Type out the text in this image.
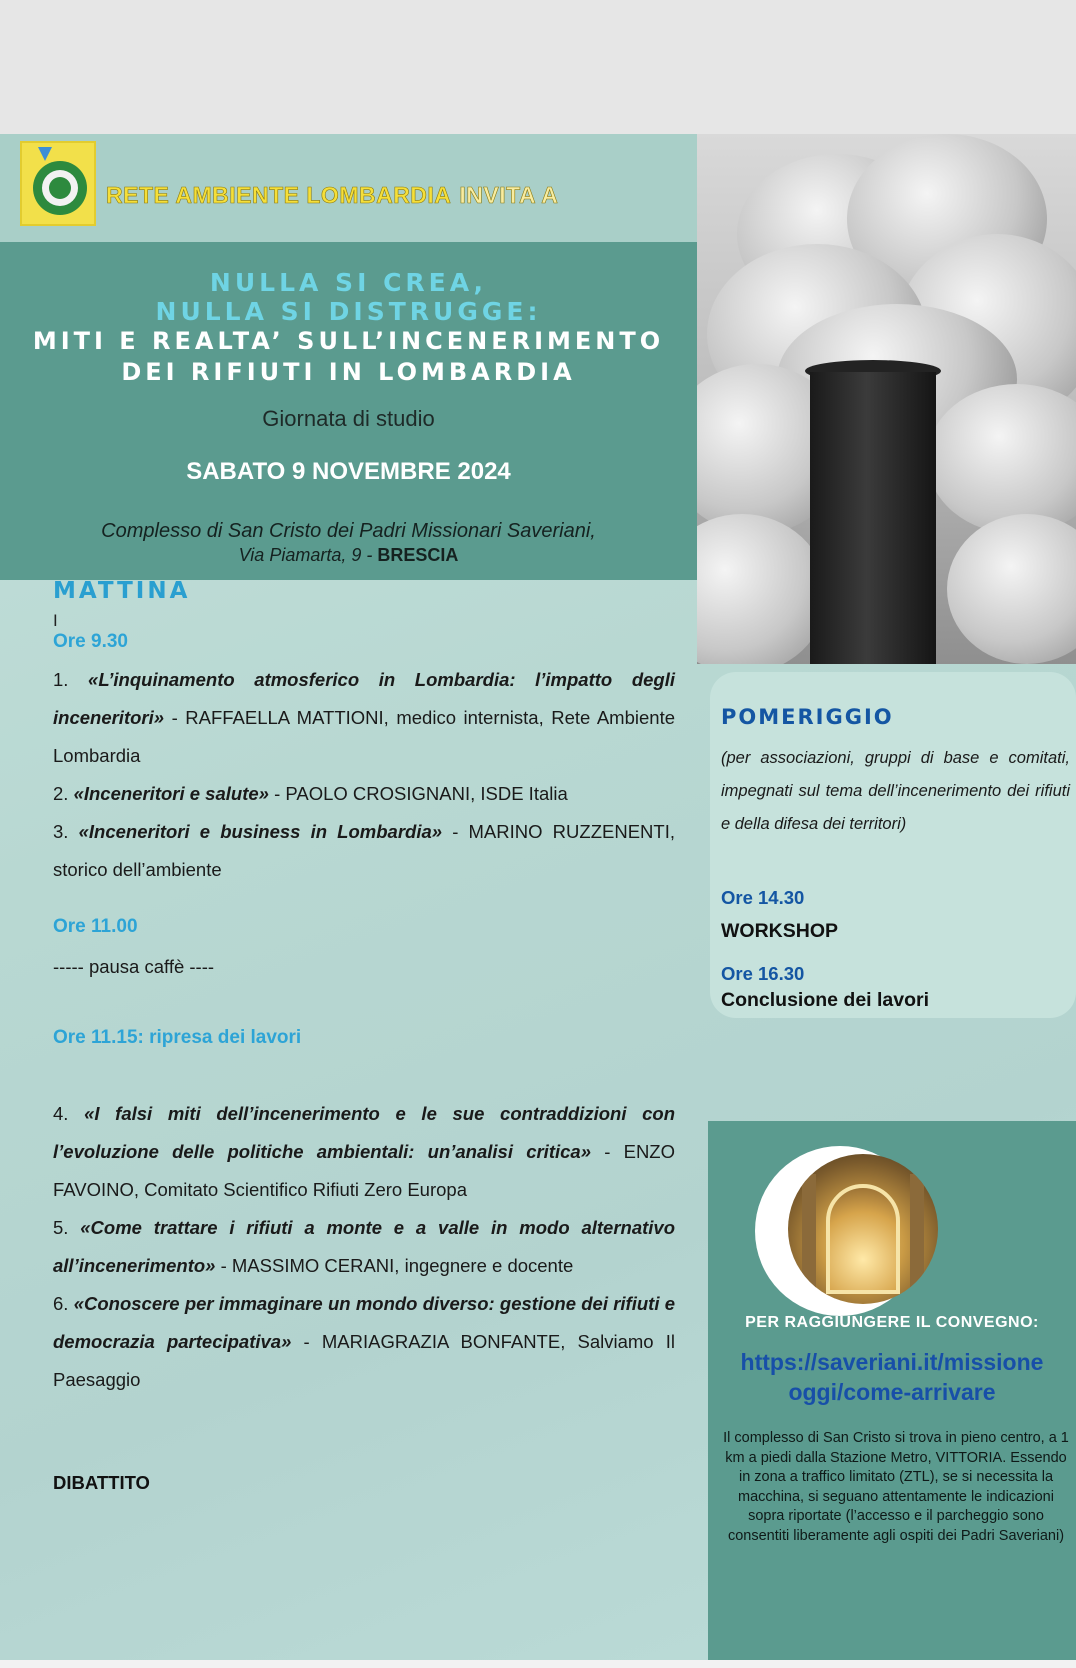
RETE AMBIENTE LOMBARDIA INVITA A
NULLA SI CREA,
NULLA SI DISTRUGGE:
MITI E REALTA’ SULL’INCENERIMENTO
DEI RIFIUTI IN LOMBARDIA
Giornata di studio
SABATO 9 NOVEMBRE 2024
Complesso di San Cristo dei Padri Missionari Saveriani,
Via Piamarta, 9 - BRESCIA
MATTINA
I
Ore 9.30
1. «L’inquinamento atmosferico in Lombardia: l’impatto degli inceneritori» - RAFFAELLA MATTIONI, medico internista, Rete Ambiente Lombardia
2. «Inceneritori e salute» - PAOLO CROSIGNANI, ISDE Italia
3. «Inceneritori e business in Lombardia» - MARINO RUZZENENTI, storico dell’ambiente
Ore 11.00
----- pausa caffè ----
Ore 11.15: ripresa dei lavori
4. «I falsi miti dell’incenerimento e le sue contraddizioni con l’evoluzione delle politiche ambientali: un’analisi critica» - ENZO FAVOINO, Comitato Scientifico Rifiuti Zero Europa
5. «Come trattare i rifiuti a monte e a valle in modo alternativo all’incenerimento» - MASSIMO CERANI, ingegnere e docente
6. «Conoscere per immaginare un mondo diverso: gestione dei rifiuti e democrazia partecipativa» - MARIAGRAZIA BONFANTE, Salviamo Il Paesaggio
DIBATTITO
POMERIGGIO
(per associazioni, gruppi di base e comitati, impegnati sul tema dell’incenerimento dei rifiuti e della difesa dei territori)
Ore 14.30
WORKSHOP
Ore 16.30
Conclusione dei lavori
PER RAGGIUNGERE IL CONVEGNO:
https://saveriani.it/missione
oggi/come-arrivare
Il complesso di San Cristo si trova in pieno centro, a 1 km a piedi dalla Stazione Metro, VITTORIA. Essendo in zona a traffico limitato (ZTL), se si necessita la macchina, si seguano attentamente le indicazioni sopra riportate (l’accesso e il parcheggio sono consentiti liberamente agli ospiti dei Padri Saveriani)
